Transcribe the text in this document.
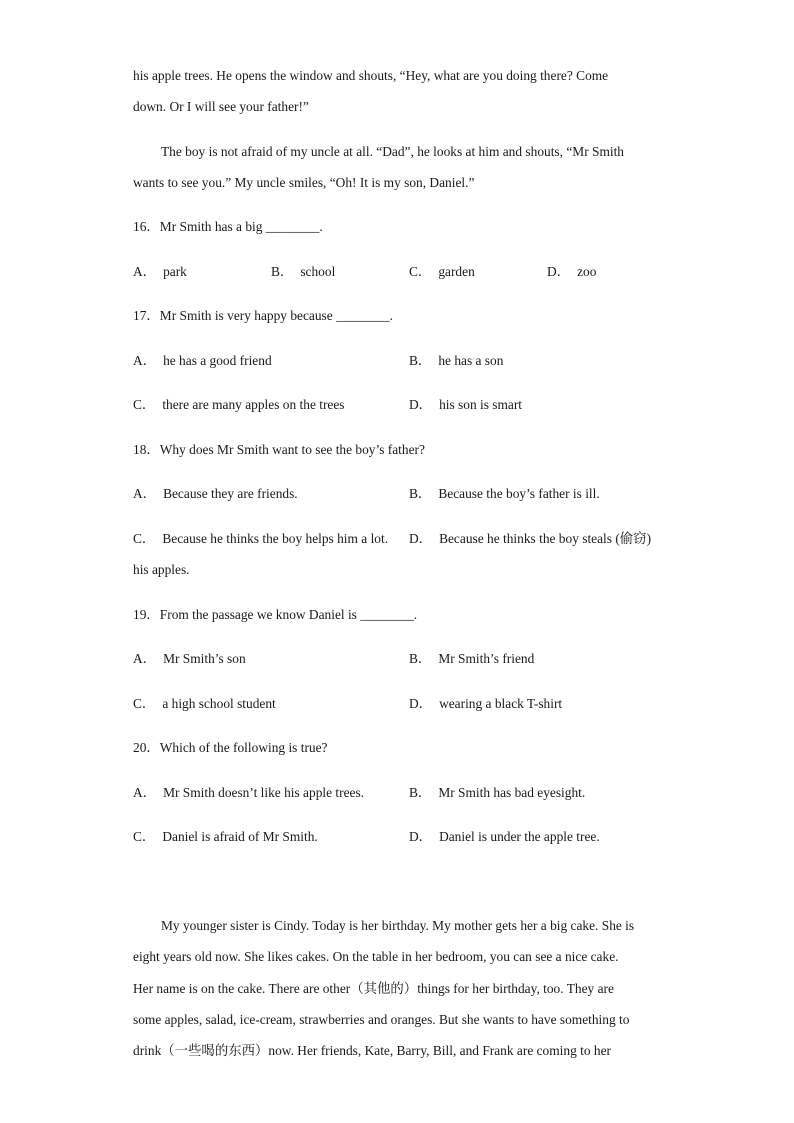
his apple trees. He opens the window and shouts, “Hey, what are you doing there? Come
down. Or I will see your father!”
The boy is not afraid of my uncle at all. “Dad”, he looks at him and shouts, “Mr Smith
wants to see you.” My uncle smiles, “Oh! It is my son, Daniel.”
16．Mr Smith has a big ________.
A． park	B． school	C． garden	D． zoo
17．Mr Smith is very happy because ________.
A． he has a good friend	B． he has a son
C． there are many apples on the trees	D． his son is smart
18．Why does Mr Smith want to see the boy’s father?
A． Because they are friends.	B． Because the boy’s father is ill.
C． Because he thinks the boy helps him a lot. D． Because he thinks the boy steals (偷窃)
his apples.
19．From the passage we know Daniel is ________.
A． Mr Smith’s son	B． Mr Smith’s friend
C． a high school student	D． wearing a black T-shirt
20．Which of the following is true?
A． Mr Smith doesn’t like his apple trees.	B． Mr Smith has bad eyesight.
C． Daniel is afraid of Mr Smith.	D． Daniel is under the apple tree.
My younger sister is Cindy. Today is her birthday. My mother gets her a big cake. She is
eight years old now. She likes cakes. On the table in her bedroom, you can see a nice cake.
Her name is on the cake. There are other（其他的）things for her birthday, too. They are
some apples, salad, ice-cream, strawberries and oranges. But she wants to have something to
drink（一些喝的东西）now. Her friends, Kate, Barry, Bill, and Frank are coming to her
